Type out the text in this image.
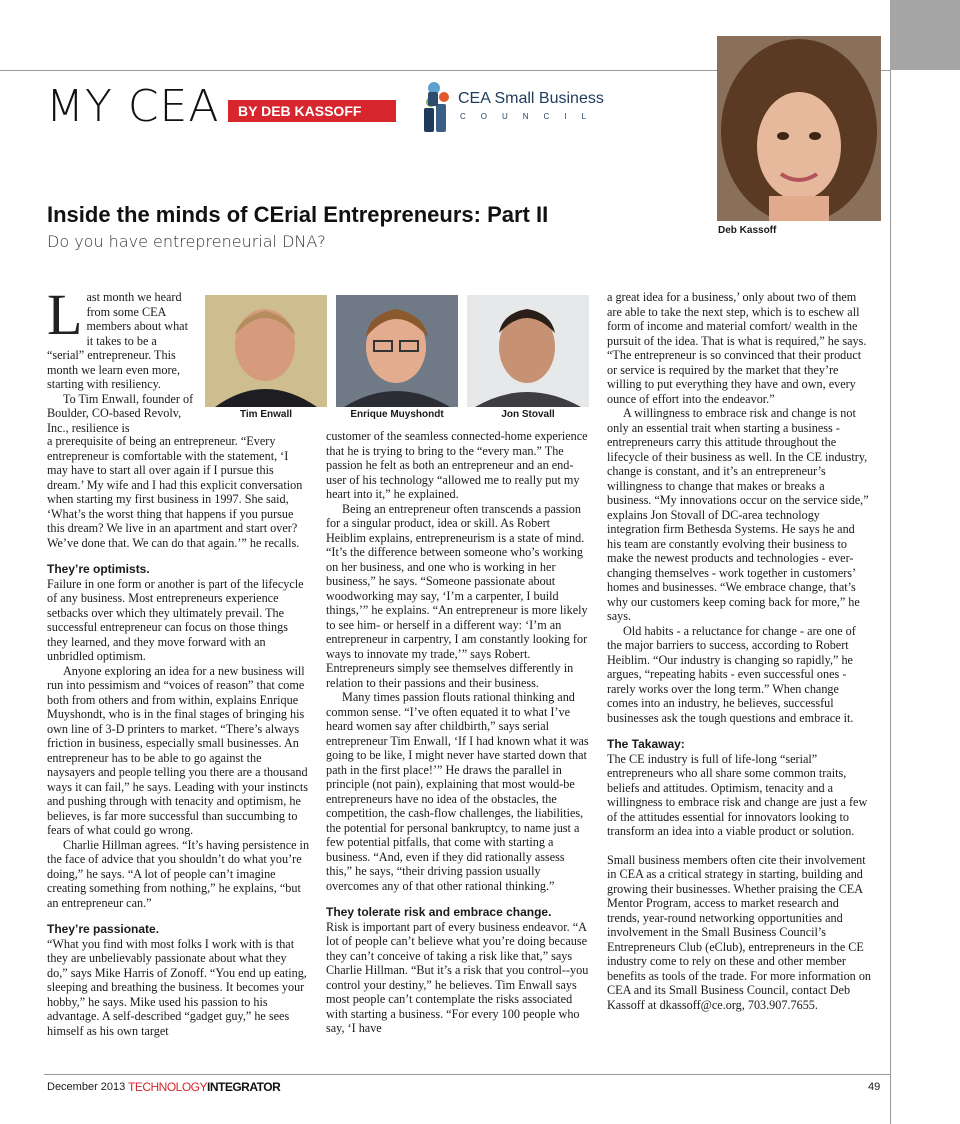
MY CEA	BY DEB KASSOFF
CEA Small Business
COUNCIL
Deb Kassoff
Inside the minds of CErial Entrepreneurs: Part II
Do you have entrepreneurial DNA?
Tim Enwall	Enrique Muyshondt	Jon Stovall

Last month we heard from some CEA members about what it takes to be a “serial” entrepreneur. This month we learn even more, starting with resiliency.

To Tim Enwall, founder of Boulder, CO-based Revolv, Inc., resilience is

a prerequisite of being an entrepreneur. “Every entrepreneur is comfortable with the statement, ‘I may have to start all over again if I pursue this dream.’ My wife and I had this explicit conversation when starting my first business in 1997. She said, ‘What’s the worst thing that happens if you pursue this dream? We live in an apartment and start over? We’ve done that. We can do that again.’” he recalls.

They’re optimists.

Failure in one form or another is part of the lifecycle of any business. Most entrepreneurs experience setbacks over which they ultimately prevail. The successful entrepreneur can focus on those things they learned, and they move forward with an unbridled optimism.

Anyone exploring an idea for a new business will run into pessimism and “voices of reason” that come both from others and from within, explains Enrique Muyshondt, who is in the final stages of bringing his own line of 3-D printers to market. “There’s always friction in business, especially small businesses. An entrepreneur has to be able to go against the naysayers and people telling you there are a thousand ways it can fail,” he says. Leading with your instincts and pushing through with tenacity and optimism, he believes, is far more successful than succumbing to fears of what could go wrong.

Charlie Hillman agrees. “It’s having persistence in the face of advice that you shouldn’t do what you’re doing,” he says. “A lot of people can’t imagine creating something from nothing,” he explains, “but an entrepreneur can.”

They’re passionate.

“What you find with most folks I work with is that they are unbelievably passionate about what they do,” says Mike Harris of Zonoff. “You end up eating, sleeping and breathing the business. It becomes your hobby,” he says. Mike used his passion to his advantage. A self-described “gadget guy,” he sees himself as his own target

customer of the seamless connected-home experience that he is trying to bring to the “every man.” The passion he felt as both an entrepreneur and an end-user of his technology “allowed me to really put my heart into it,” he explained.

Being an entrepreneur often transcends a passion for a singular product, idea or skill. As Robert Heiblim explains, entrepreneurism is a state of mind. “It’s the difference between someone who’s working on her business, and one who is working in her business,” he says. “Someone passionate about woodworking may say, ‘I’m a carpenter, I build things,’” he explains. “An entrepreneur is more likely to see him- or herself in a different way: ‘I’m an entrepreneur in carpentry, I am constantly looking for ways to innovate my trade,’” says Robert. Entrepreneurs simply see themselves differently in relation to their passions and their business.

Many times passion flouts rational thinking and common sense. “I’ve often equated it to what I’ve heard women say after childbirth,” says serial entrepreneur Tim Enwall, ‘If I had known what it was going to be like, I might never have started down that path in the first place!’” He draws the parallel in principle (not pain), explaining that most would-be entrepreneurs have no idea of the obstacles, the competition, the cash-flow challenges, the liabilities, the potential for personal bankruptcy, to name just a few potential pitfalls, that come with starting a business. “And, even if they did rationally assess this,” he says, “their driving passion usually overcomes any of that other rational thinking.”

They tolerate risk and embrace change.

Risk is important part of every business endeavor. “A lot of people can’t believe what you’re doing because they can’t conceive of taking a risk like that,” says Charlie Hillman. “But it’s a risk that you control--you control your destiny,” he believes. Tim Enwall says most people can’t contemplate the risks associated with starting a business. “For every 100 people who say, ‘I have

a great idea for a business,’ only about two of them are able to take the next step, which is to eschew all form of income and material comfort/ wealth in the pursuit of the idea. That is what is required,” he says. “The entrepreneur is so convinced that their product or service is required by the market that they’re willing to put everything they have and own, every ounce of effort into the endeavor.”

A willingness to embrace risk and change is not only an essential trait when starting a business - entrepreneurs carry this attitude throughout the lifecycle of their business as well. In the CE industry, change is constant, and it’s an entrepreneur’s willingness to change that makes or breaks a business. “My innovations occur on the service side,” explains Jon Stovall of DC-area technology integration firm Bethesda Systems. He says he and his team are constantly evolving their business to make the newest products and technologies - ever-changing themselves - work together in customers’ homes and businesses. “We embrace change, that’s why our customers keep coming back for more,” he says.

Old habits - a reluctance for change - are one of the major barriers to success, according to Robert Heiblim. “Our industry is changing so rapidly,” he argues, “repeating habits - even successful ones - rarely works over the long term.” When change comes into an industry, he believes, successful businesses ask the tough questions and embrace it.

The Takaway:

The CE industry is full of life-long “serial” entrepreneurs who all share some common traits, beliefs and attitudes. Optimism, tenacity and a willingness to embrace risk and change are just a few of the attitudes essential for innovators looking to transform an idea into a viable product or solution.

Small business members often cite their involvement in CEA as a critical strategy in starting, building and growing their businesses. Whether praising the CEA Mentor Program, access to market research and trends, year-round networking opportunities and involvement in the Small Business Council’s Entrepreneurs Club (eClub), entrepreneurs in the CE industry come to rely on these and other member benefits as tools of the trade. For more information on CEA and its Small Business Council, contact Deb Kassoff at dkassoff@ce.org, 703.907.7655.

December 2013 TECHNOLOGYINTEGRATOR	49
